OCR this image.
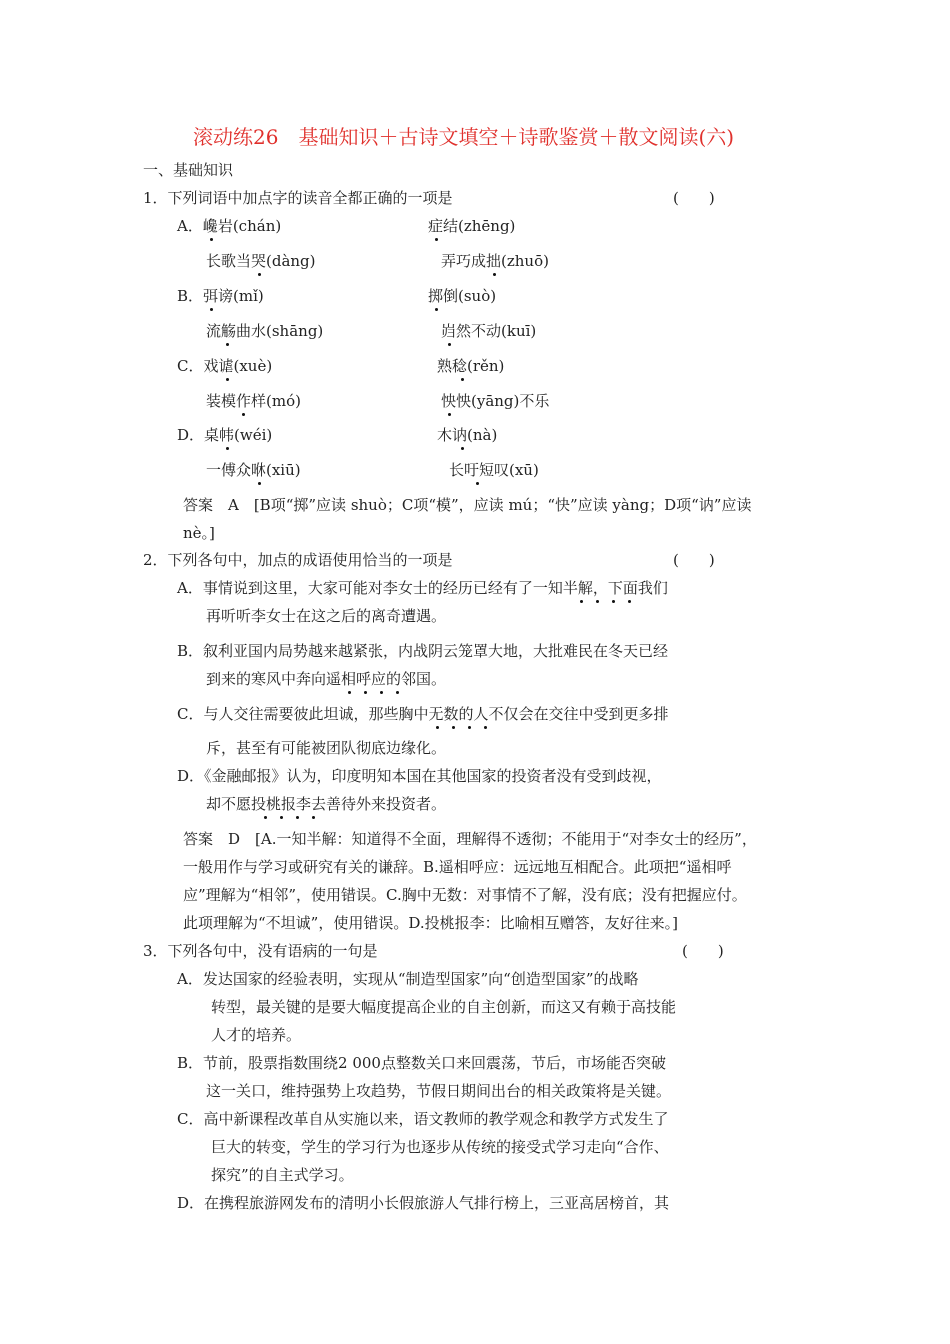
滚动练26　基础知识＋古诗文填空＋诗歌鉴赏＋散文阅读(六)
一、基础知识
1．下列词语中加点字的读音全都正确的一项是	(　　)
A．巉岩(chán)	症结(zhēng)
长歌当哭(dàng)	弄巧成拙(zhuō)
B．弭谤(mǐ)	掷倒(suò)
流觞曲水(shāng)	岿然不动(kuī)
C．戏谑(xuè)	熟稔(rěn)
装模作样(mó)	怏怏(yāng)不乐
D．桌帏(wéi)	木讷(nà)
一傅众咻(xiū)	长吁短叹(xū)
答案　A　[B项“掷”应读 shuò；C项“模”，应读 mú；“快”应读 yàng；D项“讷”应读
nè。]
2．下列各句中，加点的成语使用恰当的一项是	(　　)
A．事情说到这里，大家可能对李女士的经历已经有了一知半解，下面我们
再听听李女士在这之后的离奇遭遇。
B．叙利亚国内局势越来越紧张，内战阴云笼罩大地，大批难民在冬天已经
到来的寒风中奔向遥相呼应的邻国。
C．与人交往需要彼此坦诚，那些胸中无数的人不仅会在交往中受到更多排
斥，甚至有可能被团队彻底边缘化。
D．《金融邮报》认为，印度明知本国在其他国家的投资者没有受到歧视，
却不愿投桃报李去善待外来投资者。
答案　D　[A.一知半解：知道得不全面，理解得不透彻；不能用于“对李女士的经历”，
一般用作与学习或研究有关的谦辞。B.遥相呼应：远远地互相配合。此项把“遥相呼
应”理解为“相邻”，使用错误。C.胸中无数：对事情不了解，没有底；没有把握应付。
此项理解为“不坦诚”，使用错误。D.投桃报李：比喻相互赠答，友好往来。]
3．下列各句中，没有语病的一句是	(　　)
A．发达国家的经验表明，实现从“制造型国家”向“创造型国家”的战略
转型，最关键的是要大幅度提高企业的自主创新，而这又有赖于高技能
人才的培养。
B．节前，股票指数围绕2 000点整数关口来回震荡，节后，市场能否突破
这一关口，维持强势上攻趋势，节假日期间出台的相关政策将是关键。
C．高中新课程改革自从实施以来，语文教师的教学观念和教学方式发生了
巨大的转变，学生的学习行为也逐步从传统的接受式学习走向“合作、
探究”的自主式学习。
D．在携程旅游网发布的清明小长假旅游人气排行榜上，三亚高居榜首，其
